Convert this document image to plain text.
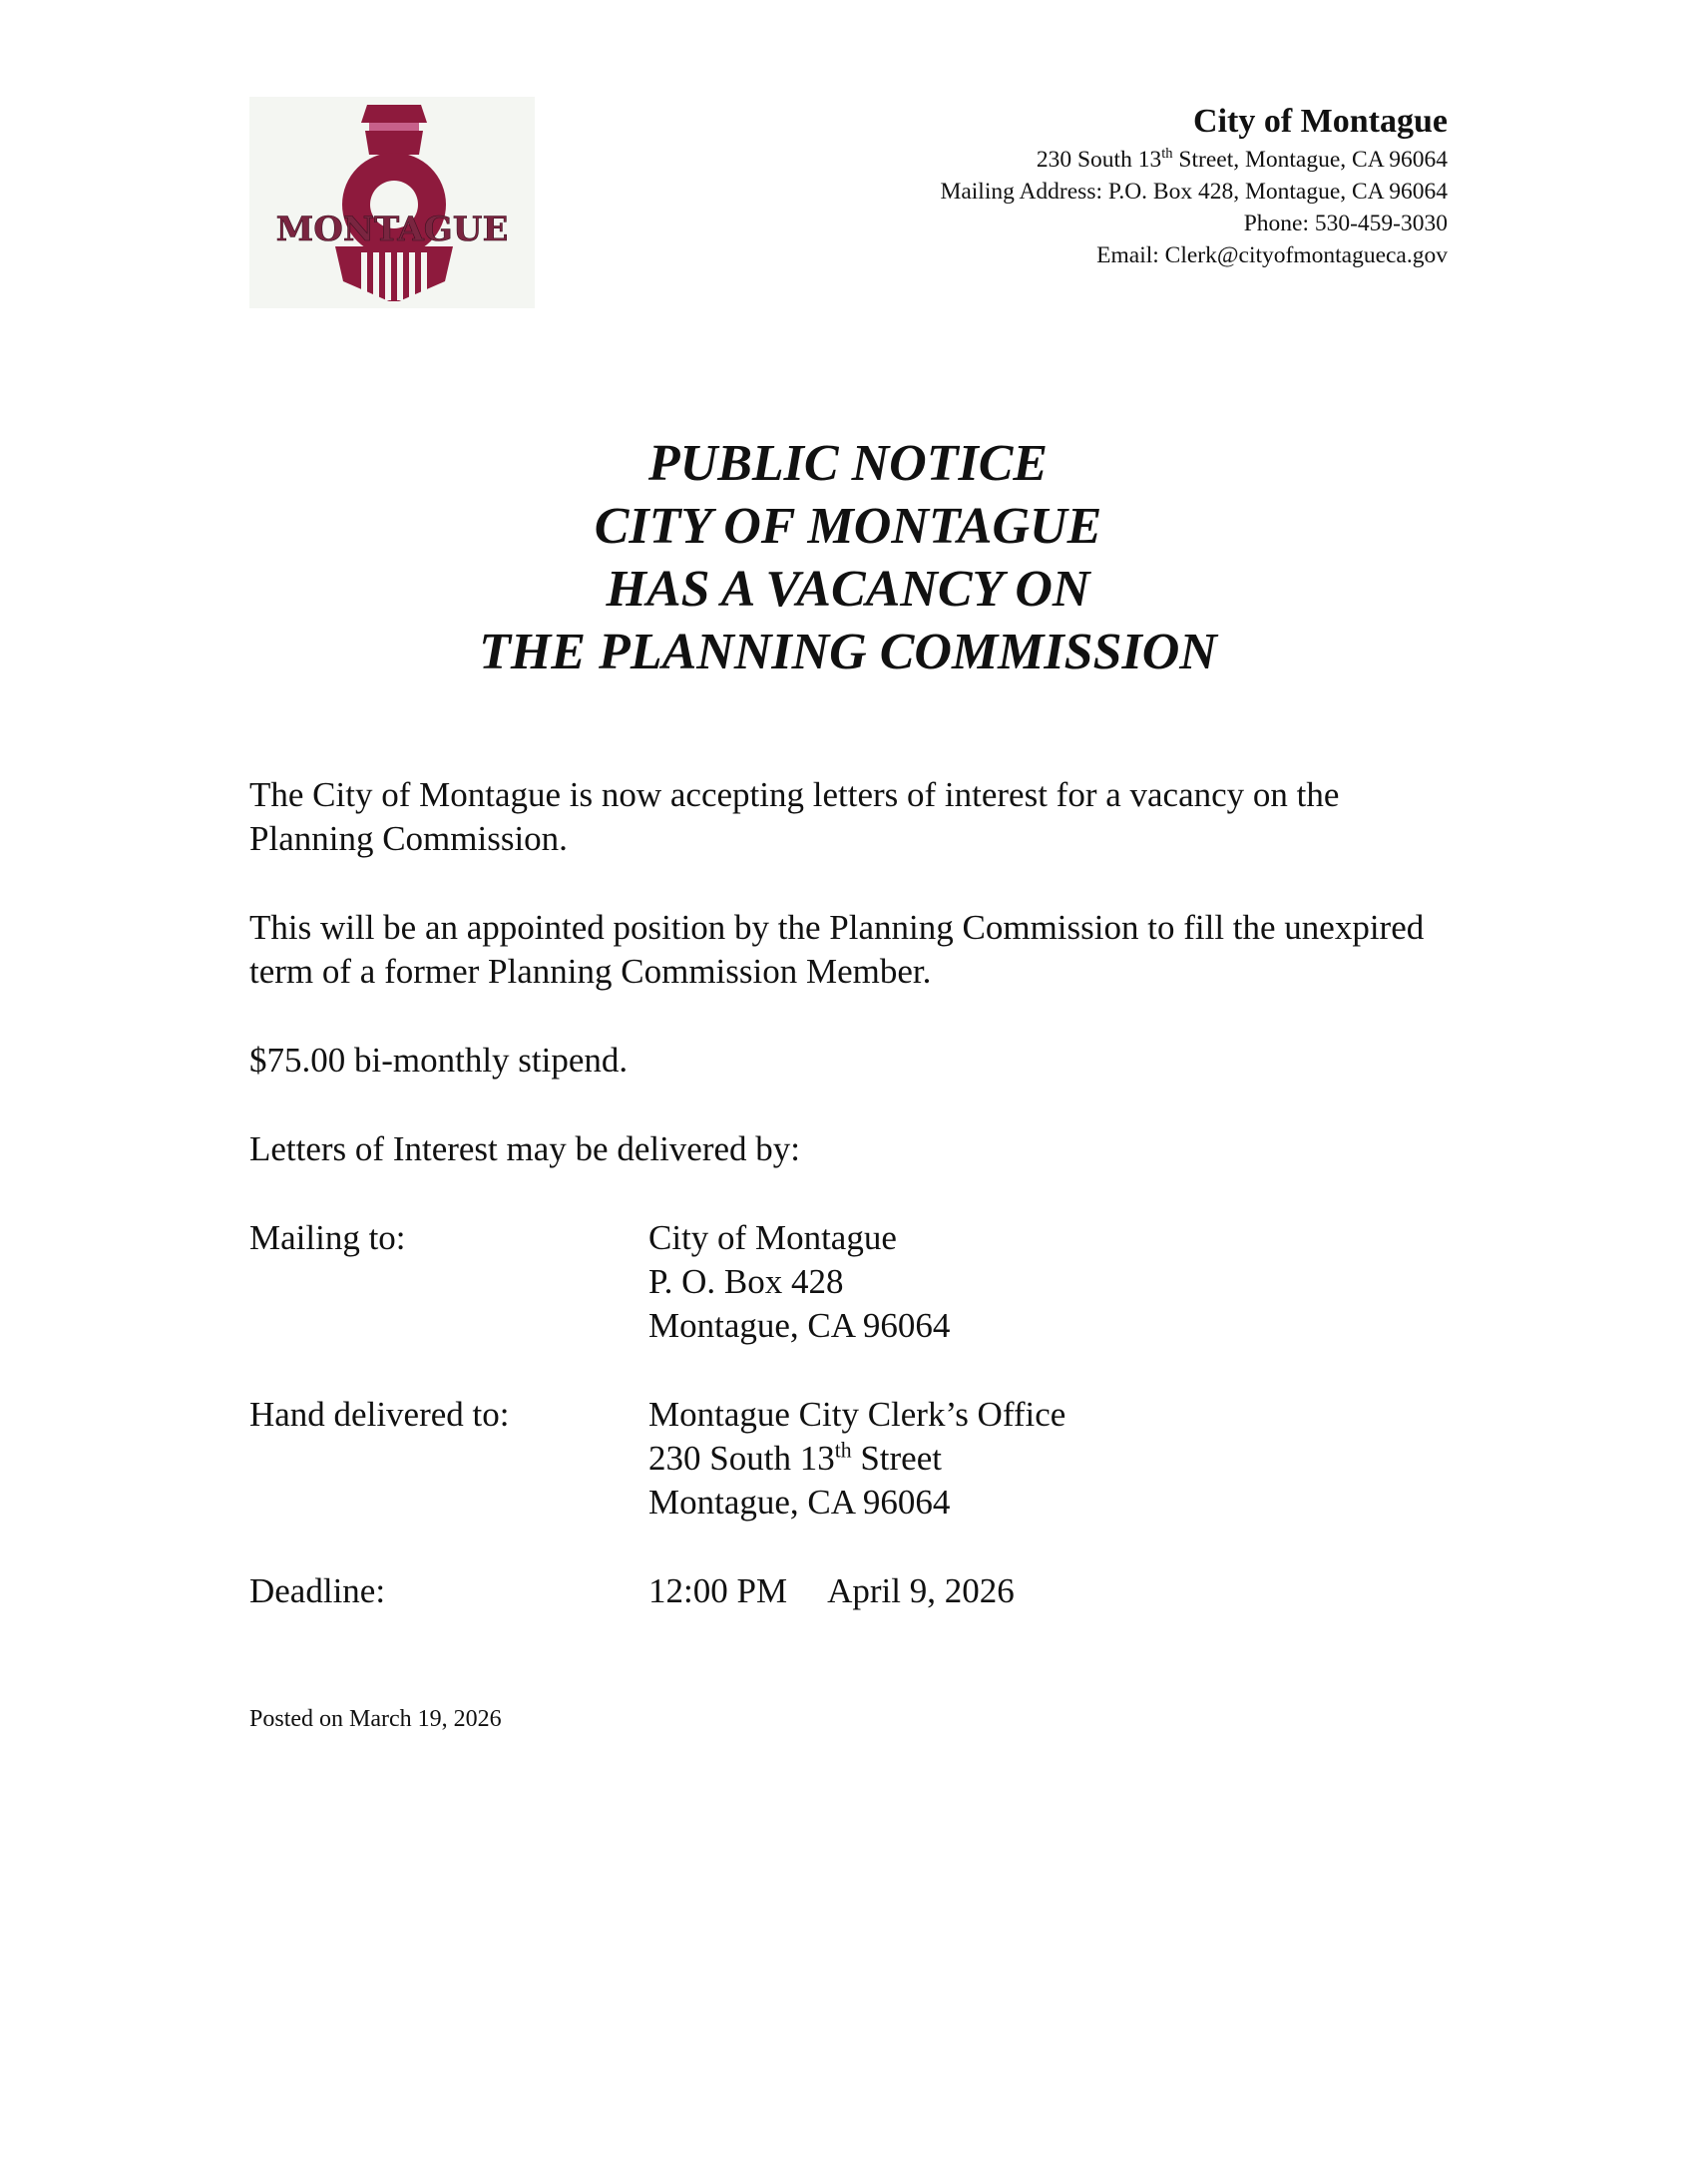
MONTAGUE
City of Montague
230 South 13th Street, Montague, CA 96064
Mailing Address: P.O. Box 428, Montague, CA 96064
Phone: 530-459-3030
Email: Clerk@cityofmontagueca.gov
PUBLIC NOTICE
CITY OF MONTAGUE
HAS A VACANCY ON
THE PLANNING COMMISSION

The City of Montague is now accepting letters of interest for a vacancy on the Planning Commission.

This will be an appointed position by the Planning Commission to fill the unexpired term of a former Planning Commission Member.

$75.00 bi-monthly stipend.

Letters of Interest may be delivered by:

Mailing to:	City of Montague
P. O. Box 428
Montague, CA 96064
Hand delivered to:	Montague City Clerk’s Office
230 South 13th Street
Montague, CA 96064
Deadline:	12:00 PM April 9, 2026
Posted on March 19, 2026
